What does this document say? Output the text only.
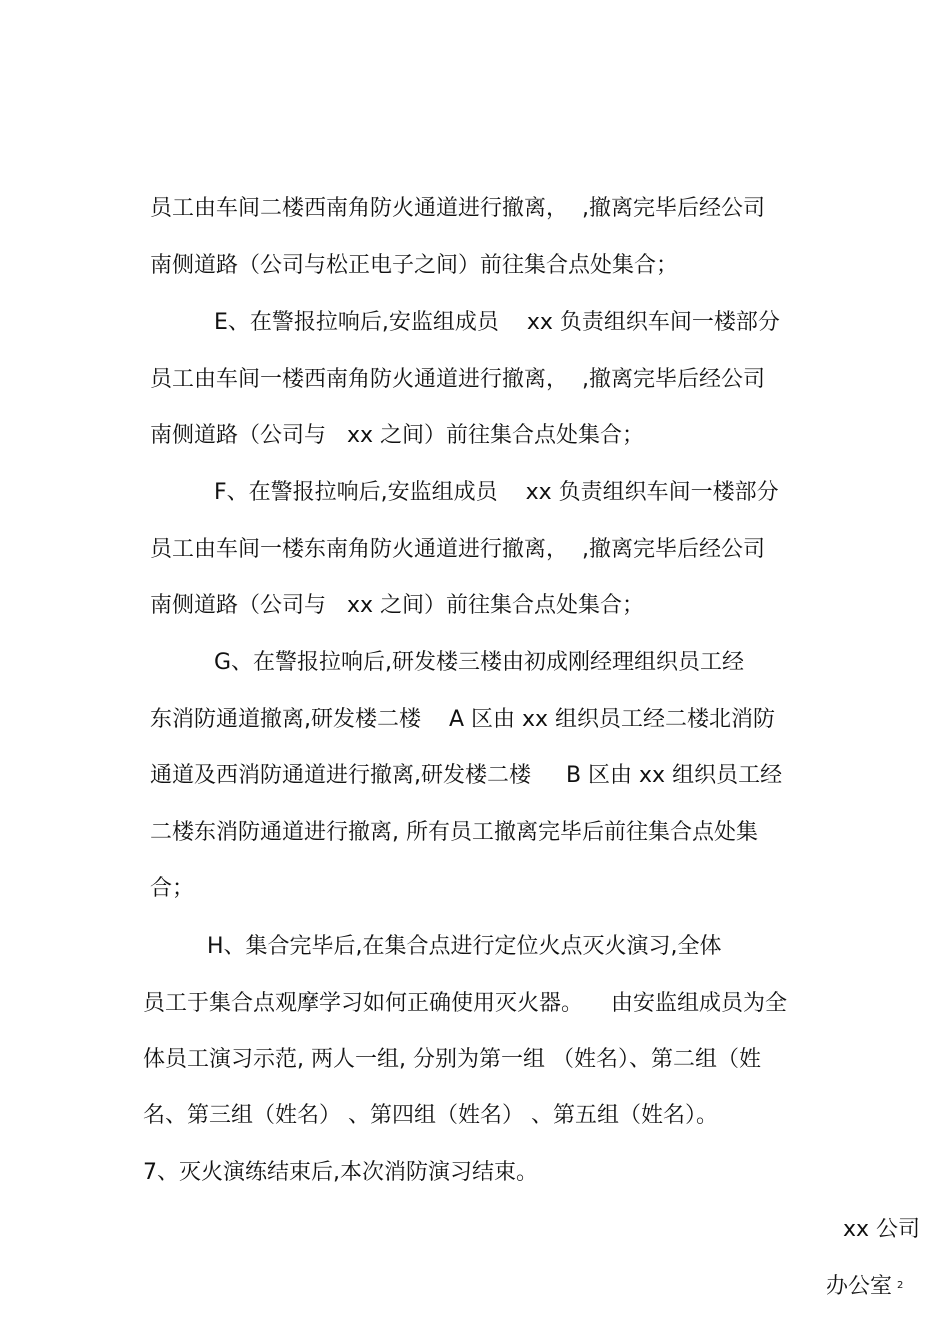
员工由车间二楼西南角防火通道进行撤离，  ,撤离完毕后经公司

南侧道路（公司与松正电子之间）前往集合点处集合；

E、在警报拉响后,安监组成员    xx 负责组织车间一楼部分

员工由车间一楼西南角防火通道进行撤离，  ,撤离完毕后经公司

南侧道路（公司与   xx 之间）前往集合点处集合；

F、在警报拉响后,安监组成员    xx 负责组织车间一楼部分

员工由车间一楼东南角防火通道进行撤离，  ,撤离完毕后经公司

南侧道路（公司与   xx 之间）前往集合点处集合；

G、在警报拉响后,研发楼三楼由初成刚经理组织员工经

东消防通道撤离,研发楼二楼    A 区由 xx 组织员工经二楼北消防

通道及西消防通道进行撤离,研发楼二楼     B 区由 xx 组织员工经

二楼东消防通道进行撤离, 所有员工撤离完毕后前往集合点处集

合；

H、集合完毕后,在集合点进行定位火点灭火演习,全体

员工于集合点观摩学习如何正确使用灭火器。    由安监组成员为全

体员工演习示范, 两人一组, 分别为第一组 （姓名）、第二组（姓

名、第三组（姓名） 、第四组（姓名） 、第五组（姓名）。

7、灭火演练结束后,本次消防演习结束。

xx 公司

办公室 2
